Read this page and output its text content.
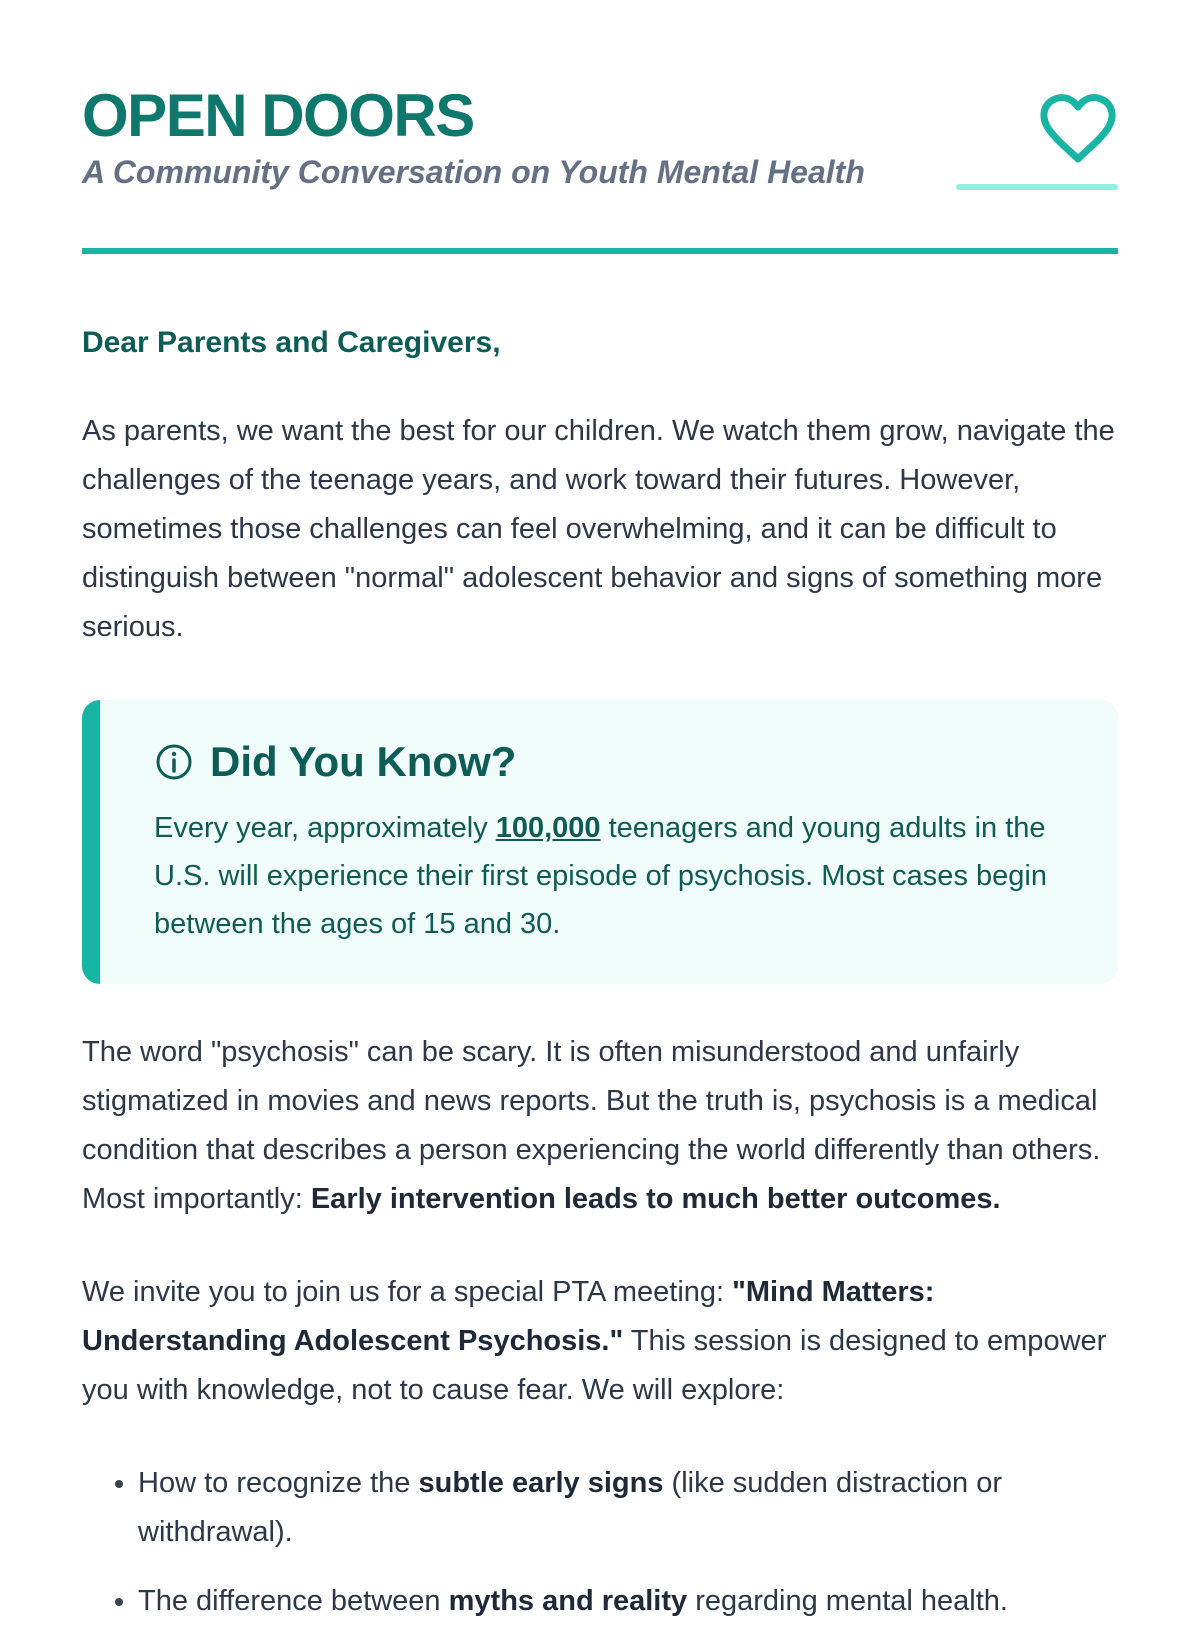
OPEN DOORS
A Community Conversation on Youth Mental Health

Dear Parents and Caregivers,

As parents, we want the best for our children. We watch them grow, navigate the challenges of the teenage years, and work toward their futures. However, sometimes those challenges can feel overwhelming, and it can be difficult to distinguish between "normal" adolescent behavior and signs of something more serious.

Did You Know?

Every year, approximately 100,000 teenagers and young adults in the U.S. will experience their first episode of psychosis. Most cases begin between the ages of 15 and 30.

The word "psychosis" can be scary. It is often misunderstood and unfairly stigmatized in movies and news reports. But the truth is, psychosis is a medical condition that describes a person experiencing the world differently than others. Most importantly: Early intervention leads to much better outcomes.

We invite you to join us for a special PTA meeting: "Mind Matters: Understanding Adolescent Psychosis." This session is designed to empower you with knowledge, not to cause fear. We will explore:

• How to recognize the subtle early signs (like sudden distraction or withdrawal).
• The difference between myths and reality regarding mental health.
